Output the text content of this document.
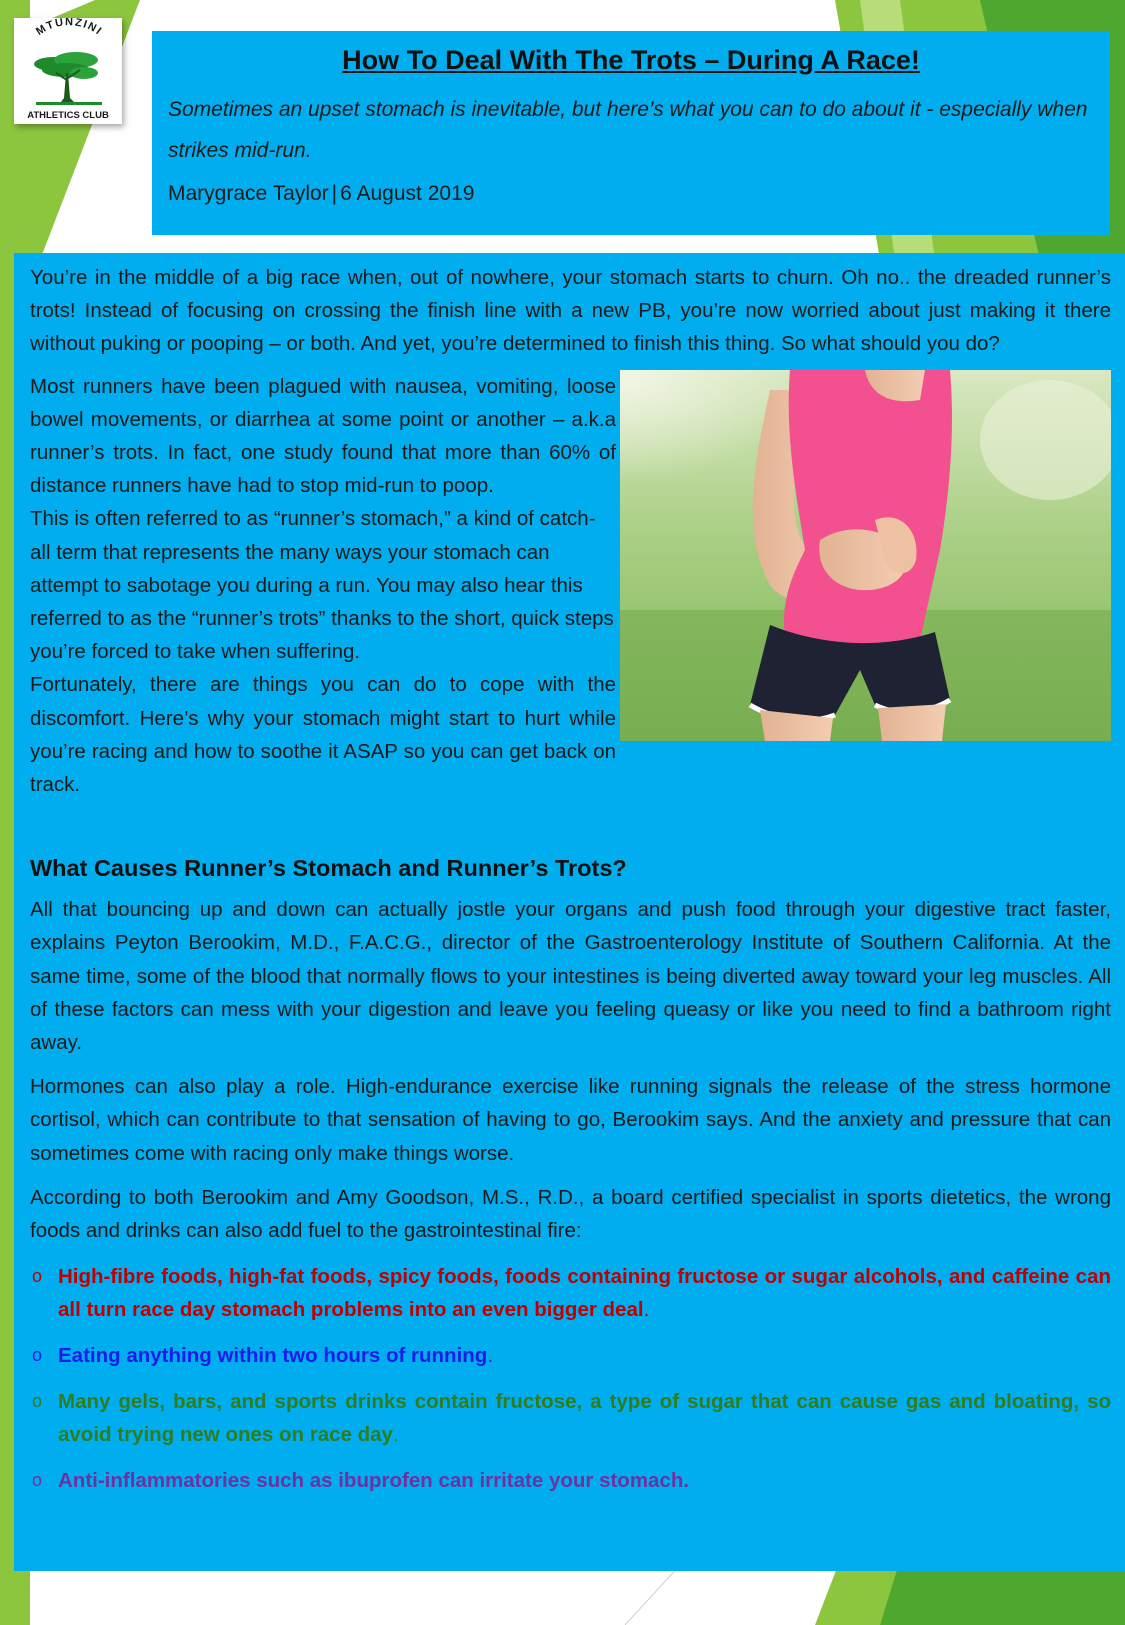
MTUNZINI
ATHLETICS CLUB
How To Deal With The Trots – During A Race!

Sometimes an upset stomach is inevitable, but here’s what you can to do about it - especially when strikes mid-run.

Marygrace Taylor | 6 August 2019

You’re in the middle of a big race when, out of nowhere, your stomach starts to churn. Oh no.. the dreaded runner’s trots! Instead of focusing on crossing the finish line with a new PB, you’re now worried about just making it there without puking or pooping – or both. And yet, you’re determined to finish this thing. So what should you do?

Most runners have been plagued with nausea, vomiting, loose bowel movements, or diarrhea at some point or another – a.k.a runner’s trots. In fact, one study found that more than 60% of distance runners have had to stop mid-run to poop.

This is often referred to as “runner’s stomach,” a kind of catch-all term that represents the many ways your stomach can attempt to sabotage you during a run. You may also hear this referred to as the “runner’s trots” thanks to the short, quick steps you’re forced to take when suffering.

Fortunately, there are things you can do to cope with the discomfort. Here’s why your stomach might start to hurt while you’re racing and how to soothe it ASAP so you can get back on track.

What Causes Runner’s Stomach and Runner’s Trots?

All that bouncing up and down can actually jostle your organs and push food through your digestive tract faster, explains Peyton Berookim, M.D., F.A.C.G., director of the Gastroenterology Institute of Southern California. At the same time, some of the blood that normally flows to your intestines is being diverted away toward your leg muscles. All of these factors can mess with your digestion and leave you feeling queasy or like you need to find a bathroom right away.

Hormones can also play a role. High-endurance exercise like running signals the release of the stress hormone cortisol, which can contribute to that sensation of having to go, Berookim says. And the anxiety and pressure that can sometimes come with racing only make things worse.

According to both Berookim and Amy Goodson, M.S., R.D., a board certified specialist in sports dietetics, the wrong foods and drinks can also add fuel to the gastrointestinal fire:

o High-fibre foods, high-fat foods, spicy foods, foods containing fructose or sugar alcohols, and caffeine can all turn race day stomach problems into an even bigger deal.
o Eating anything within two hours of running.
o Many gels, bars, and sports drinks contain fructose, a type of sugar that can cause gas and bloating, so avoid trying new ones on race day.
o Anti-inflammatories such as ibuprofen can irritate your stomach.
